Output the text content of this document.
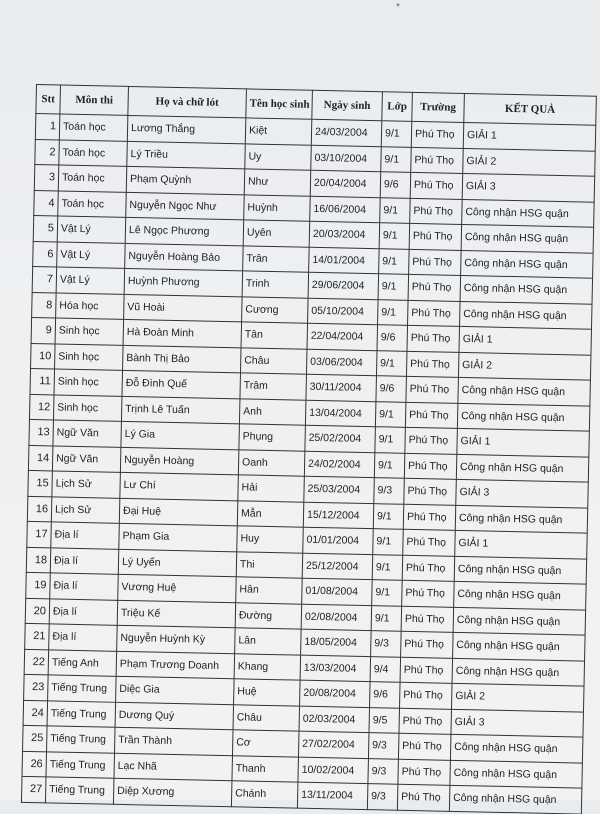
*
Stt	Môn thi	Họ và chữ lót	Tên học sinh	Ngày sinh	Lớp	Trường	KẾT QUẢ
1	Toán học	Lương Thắng	Kiệt	24/03/2004	9/1	Phú Thọ	GIẢI 1
2	Toán học	Lý Triều	Uy	03/10/2004	9/1	Phú Thọ	GIẢI 2
3	Toán học	Phạm Quỳnh	Như	20/04/2004	9/6	Phú Thọ	GIẢI 3
4	Toán học	Nguyễn Ngọc Như	Huỳnh	16/06/2004	9/1	Phú Thọ	Công nhận HSG quận
5	Vật Lý	Lê Ngọc Phương	Uyên	20/03/2004	9/1	Phú Thọ	Công nhận HSG quận
6	Vật Lý	Nguyễn Hoàng Bảo	Trân	14/01/2004	9/1	Phú Thọ	Công nhận HSG quận
7	Vật Lý	Huỳnh Phương	Trinh	29/06/2004	9/1	Phú Thọ	Công nhận HSG quận
8	Hóa học	Vũ Hoài	Cương	05/10/2004	9/1	Phú Thọ	Công nhận HSG quận
9	Sinh học	Hà Đoàn Minh	Tân	22/04/2004	9/6	Phú Thọ	GIẢI 1
10	Sinh học	Bành Thị Bảo	Châu	03/06/2004	9/1	Phú Thọ	GIẢI 2
11	Sinh học	Đỗ Đình Quế	Trâm	30/11/2004	9/6	Phú Thọ	Công nhận HSG quận
12	Sinh học	Trịnh Lê Tuấn	Anh	13/04/2004	9/1	Phú Thọ	Công nhận HSG quận
13	Ngữ Văn	Lý Gia	Phụng	25/02/2004	9/1	Phú Thọ	GIẢI 1
14	Ngữ Văn	Nguyễn Hoàng	Oanh	24/02/2004	9/1	Phú Thọ	Công nhận HSG quận
15	Lịch Sử	Lư Chí	Hải	25/03/2004	9/3	Phú Thọ	GIẢI 3
16	Lịch Sử	Đại Huệ	Mẫn	15/12/2004	9/1	Phú Thọ	Công nhận HSG quận
17	Địa lí	Phạm Gia	Huy	01/01/2004	9/1	Phú Thọ	GIẢI 1
18	Địa lí	Lý Uyển	Thi	25/12/2004	9/1	Phú Thọ	Công nhận HSG quận
19	Địa lí	Vương Huệ	Hân	01/08/2004	9/1	Phú Thọ	Công nhận HSG quận
20	Địa lí	Triệu Kế	Đường	02/08/2004	9/1	Phú Thọ	Công nhận HSG quận
21	Địa lí	Nguyễn Huỳnh Kỳ	Lân	18/05/2004	9/3	Phú Thọ	Công nhận HSG quận
22	Tiếng Anh	Phạm Trương Doanh	Khang	13/03/2004	9/4	Phú Thọ	Công nhận HSG quận
23	Tiếng Trung	Diệc Gia	Huệ	20/08/2004	9/6	Phú Thọ	GIẢI 2
24	Tiếng Trung	Dương Quý	Châu	02/03/2004	9/5	Phú Thọ	GIẢI 3
25	Tiếng Trung	Trần Thành	Cơ	27/02/2004	9/3	Phú Thọ	Công nhận HSG quận
26	Tiếng Trung	Lạc Nhã	Thanh	10/02/2004	9/3	Phú Thọ	Công nhận HSG quận
27	Tiếng Trung	Diệp Xương	Chánh	13/11/2004	9/3	Phú Thọ	Công nhận HSG quận
